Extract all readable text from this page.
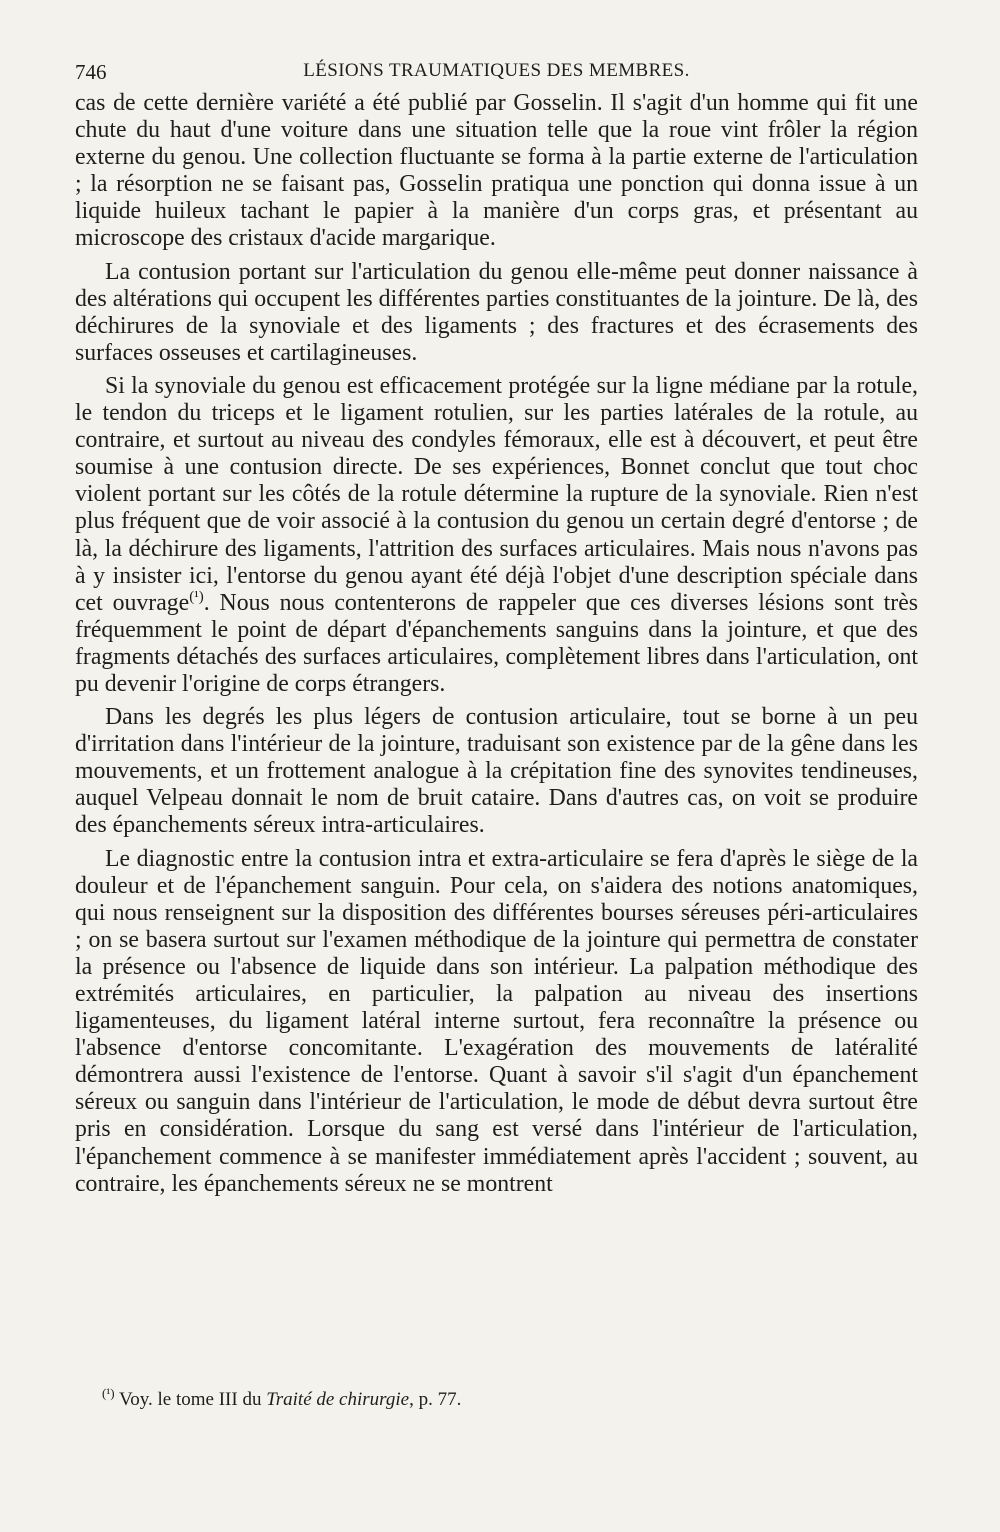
746	LÉSIONS TRAUMATIQUES DES MEMBRES.

cas de cette dernière variété a été publié par Gosselin. Il s'agit d'un homme qui fit une chute du haut d'une voiture dans une situation telle que la roue vint frôler la région externe du genou. Une collection fluctuante se forma à la partie externe de l'articulation ; la résorption ne se faisant pas, Gosselin pratiqua une ponction qui donna issue à un liquide huileux tachant le papier à la manière d'un corps gras, et présentant au microscope des cristaux d'acide margarique.

La contusion portant sur l'articulation du genou elle-même peut donner naissance à des altérations qui occupent les différentes parties constituantes de la jointure. De là, des déchirures de la synoviale et des ligaments ; des fractures et des écrasements des surfaces osseuses et cartilagineuses.

Si la synoviale du genou est efficacement protégée sur la ligne médiane par la rotule, le tendon du triceps et le ligament rotulien, sur les parties latérales de la rotule, au contraire, et surtout au niveau des condyles fémoraux, elle est à découvert, et peut être soumise à une contusion directe. De ses expériences, Bonnet conclut que tout choc violent portant sur les côtés de la rotule détermine la rupture de la synoviale. Rien n'est plus fréquent que de voir associé à la contusion du genou un certain degré d'entorse ; de là, la déchirure des ligaments, l'attrition des surfaces articulaires. Mais nous n'avons pas à y insister ici, l'entorse du genou ayant été déjà l'objet d'une description spéciale dans cet ouvrage$^{(^1)}$. Nous nous contenterons de rappeler que ces diverses lésions sont très fréquemment le point de départ d'épanchements sanguins dans la jointure, et que des fragments détachés des surfaces articulaires, complètement libres dans l'articulation, ont pu devenir l'origine de corps étrangers.

Dans les degrés les plus légers de contusion articulaire, tout se borne à un peu d'irritation dans l'intérieur de la jointure, traduisant son existence par de la gêne dans les mouvements, et un frottement analogue à la crépitation fine des synovites tendineuses, auquel Velpeau donnait le nom de bruit cataire. Dans d'autres cas, on voit se produire des épanchements séreux intra-articulaires.

Le diagnostic entre la contusion intra et extra-articulaire se fera d'après le siège de la douleur et de l'épanchement sanguin. Pour cela, on s'aidera des notions anatomiques, qui nous renseignent sur la disposition des différentes bourses séreuses péri-articulaires ; on se basera surtout sur l'examen méthodique de la jointure qui permettra de constater la présence ou l'absence de liquide dans son intérieur. La palpation méthodique des extrémités articulaires, en particulier, la palpation au niveau des insertions ligamenteuses, du ligament latéral interne surtout, fera reconnaître la présence ou l'absence d'entorse concomitante. L'exagération des mouvements de latéralité démontrera aussi l'existence de l'entorse. Quant à savoir s'il s'agit d'un épanchement séreux ou sanguin dans l'intérieur de l'articulation, le mode de début devra surtout être pris en considération. Lorsque du sang est versé dans l'intérieur de l'articulation, l'épanchement commence à se manifester immédiatement après l'accident ; souvent, au contraire, les épanchements séreux ne se montrent

$^{(^1)}$ Voy. le tome III du Traité de chirurgie, p. 77.
